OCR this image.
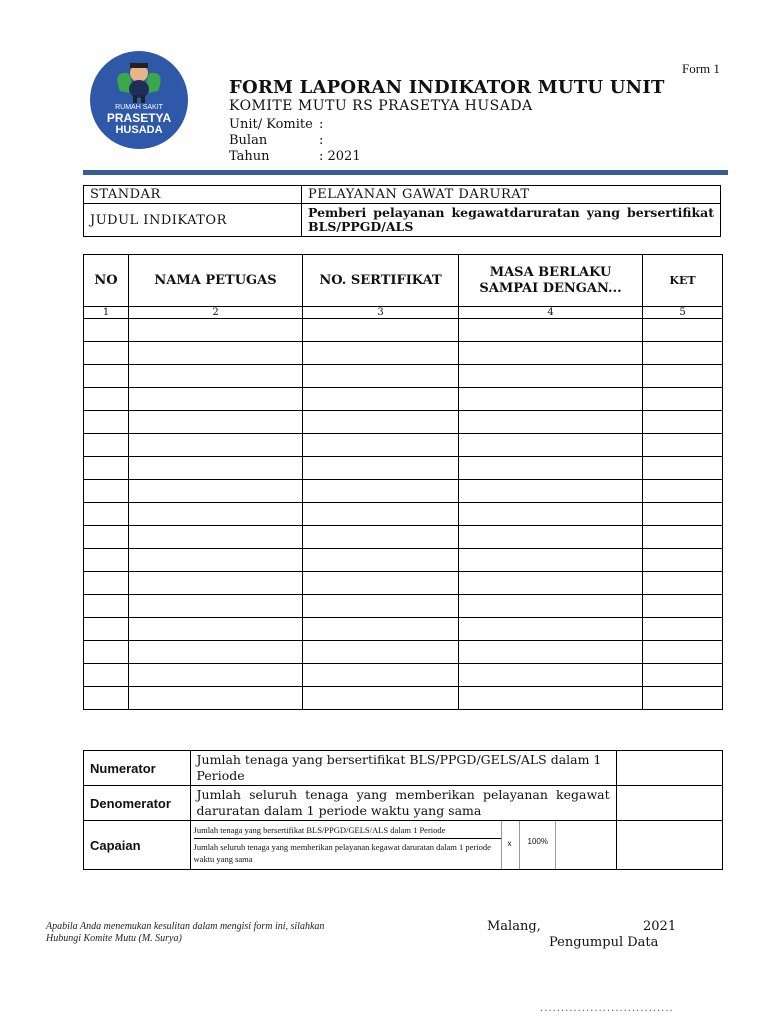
RUMAH SAKIT
PRASETYA
HUSADA
Form 1
FORM LAPORAN INDIKATOR MUTU UNIT
KOMITE MUTU RS PRASETYA HUSADA
Unit/ Komite :
Bulan	:
Tahun	: 2021
STANDAR	PELAYANAN GAWAT DARURAT
JUDUL INDIKATOR	Pemberi pelayanan kegawatdaruratan yang bersertifikat
BLS/PPGD/ALS
NO	NAMA PETUGAS	NO. SERTIFIKAT	MASA BERLAKU SAMPAI DENGAN...	KET
1	2	3	4	5

Numerator	Jumlah tenaga yang bersertifikat BLS/PPGD/GELS/ALS dalam 1 Periode	
Denomerator	Jumlah seluruh tenaga yang memberikan pelayanan kegawat daruratan dalam 1 periode waktu yang sama	
Capaian	Jumlah tenaga yang bersertifikat BLS/PPGD/GELS/ALS dalam 1 Periode
Jumlah seluruh tenaga yang memberikan pelayanan kegawat daruratan dalam 1 periode waktu yang sama
x 100%	

Apabila Anda menemukan kesulitan dalam mengisi form ini, silahkan
Hubungi Komite Mutu (M. Surya)
Malang,	2021
Pengumpul Data
................................
